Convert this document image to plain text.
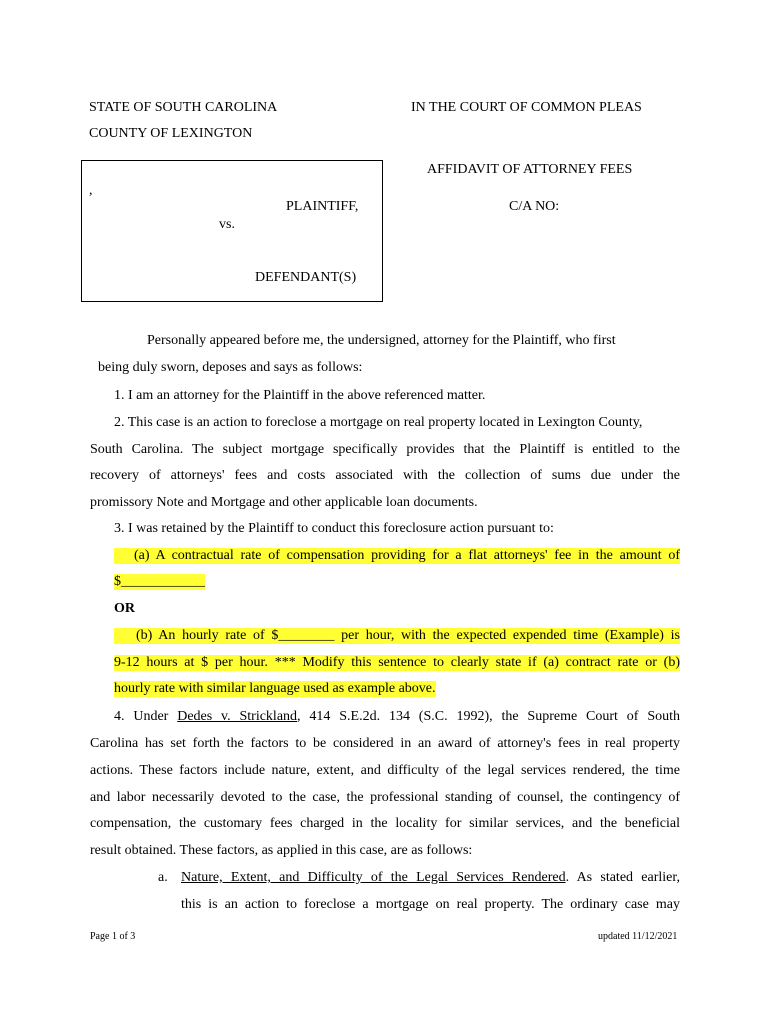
STATE OF SOUTH CAROLINA
COUNTY OF LEXINGTON
IN THE COURT OF COMMON PLEAS
AFFIDAVIT OF ATTORNEY FEES
C/A NO:
,
PLAINTIFF,
vs.
DEFENDANT(S)
Personally appeared before me, the undersigned, attorney for the Plaintiff, who first
being duly sworn, deposes and says as follows:
1. I am an attorney for the Plaintiff in the above referenced matter.
2. This case is an action to foreclose a mortgage on real property located in Lexington County,
South Carolina. The subject mortgage specifically provides that the Plaintiff is entitled to the
recovery of attorneys' fees and costs associated with the collection of sums due under the
promissory Note and Mortgage and other applicable loan documents.
3. I was retained by the Plaintiff to conduct this foreclosure action pursuant to:
(a) A contractual rate of compensation providing for a flat attorneys' fee in the amount of
$____________
OR
(b) An hourly rate of $________ per hour, with the expected expended time (Example) is
9-12 hours at $ per hour. *** Modify this sentence to clearly state if (a) contract rate or (b)
hourly rate with similar language used as example above.
4. Under Dedes v. Strickland, 414 S.E.2d. 134 (S.C. 1992), the Supreme Court of South
Carolina has set forth the factors to be considered in an award of attorney's fees in real property
actions. These factors include nature, extent, and difficulty of the legal services rendered, the time
and labor necessarily devoted to the case, the professional standing of counsel, the contingency of
compensation, the customary fees charged in the locality for similar services, and the beneficial
result obtained. These factors, as applied in this case, are as follows:
a. Nature, Extent, and Difficulty of the Legal Services Rendered. As stated earlier,
this is an action to foreclose a mortgage on real property. The ordinary case may
Page 1 of 3	updated 11/12/2021
